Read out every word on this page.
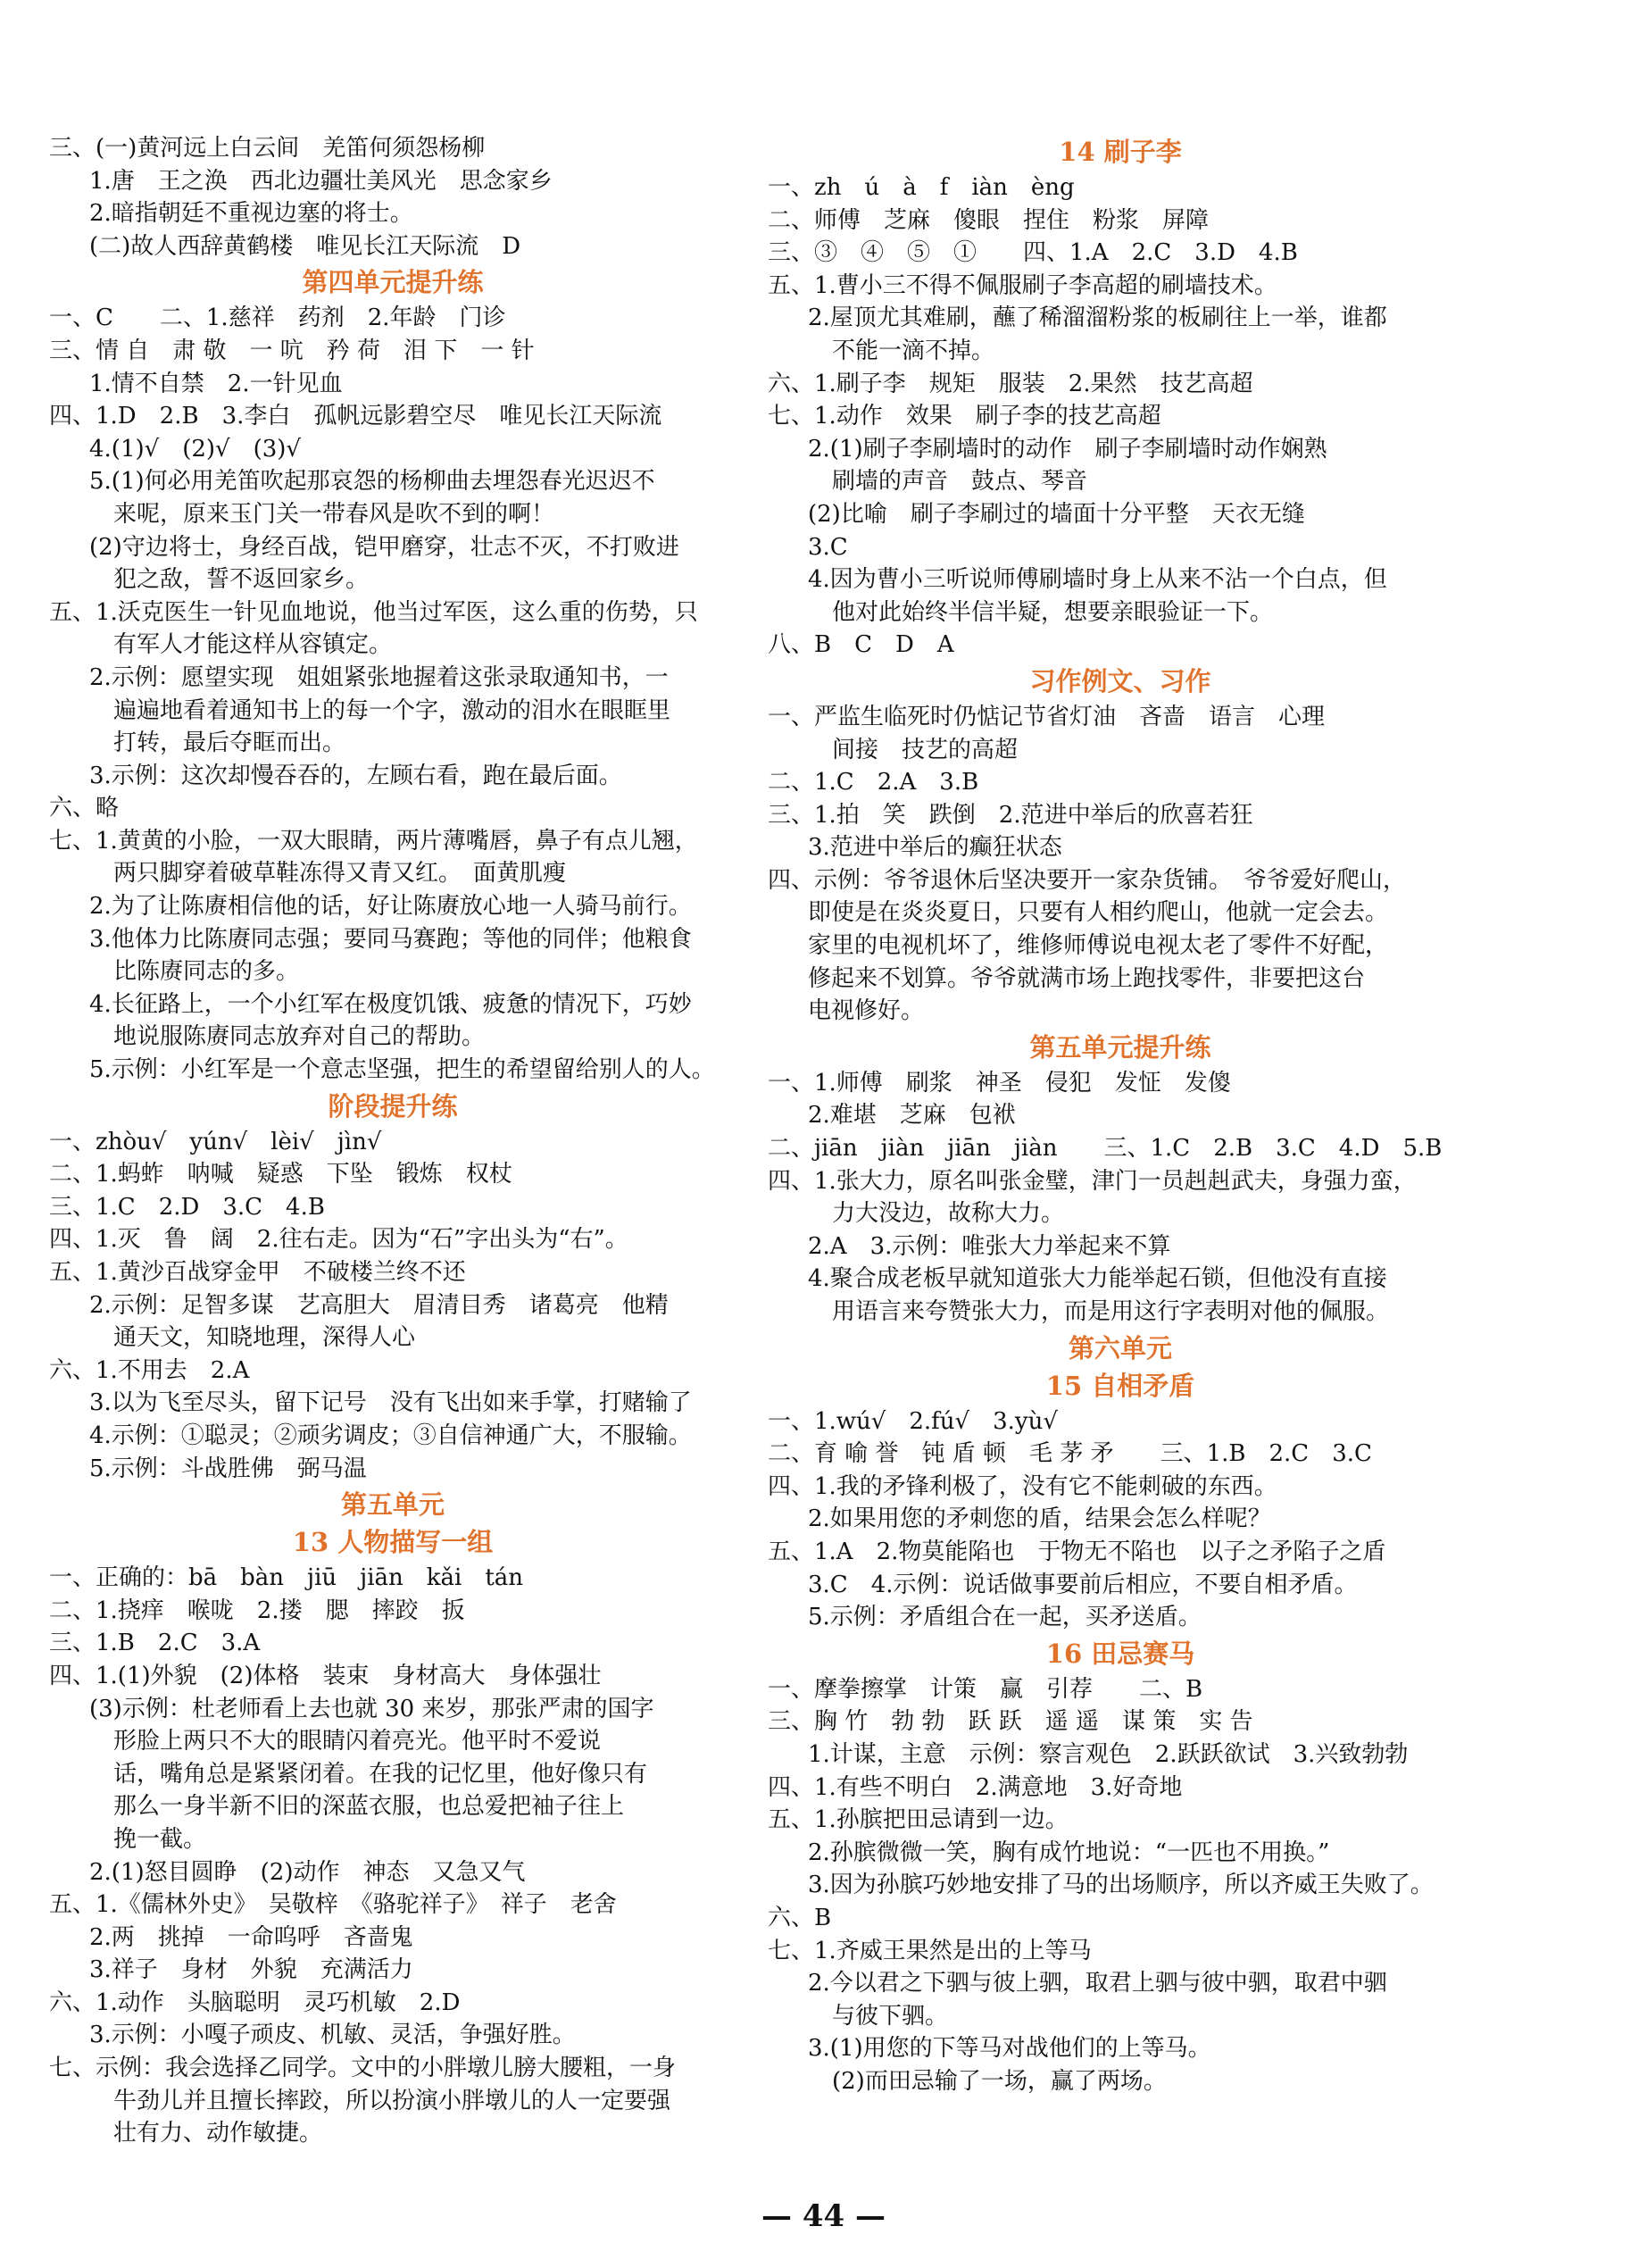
三、(一)黄河远上白云间　羌笛何须怨杨柳
1.唐　王之涣　西北边疆壮美风光　思念家乡
2.暗指朝廷不重视边塞的将士。
(二)故人西辞黄鹤楼　唯见长江天际流　D
第四单元提升练
一、C　　二、1.慈祥　药剂　2.年龄　门诊
三、情 自　肃 敬　一 吭　矜 荷　泪 下　一 针
1.情不自禁　2.一针见血
四、1.D　2.B　3.李白　孤帆远影碧空尽　唯见长江天际流
4.(1)√　(2)√　(3)√
5.(1)何必用羌笛吹起那哀怨的杨柳曲去埋怨春光迟迟不
来呢，原来玉门关一带春风是吹不到的啊！
(2)守边将士，身经百战，铠甲磨穿，壮志不灭，不打败进
犯之敌，誓不返回家乡。
五、1.沃克医生一针见血地说，他当过军医，这么重的伤势，只
有军人才能这样从容镇定。
2.示例：愿望实现　姐姐紧张地握着这张录取通知书，一
遍遍地看着通知书上的每一个字，激动的泪水在眼眶里
打转，最后夺眶而出。
3.示例：这次却慢吞吞的，左顾右看，跑在最后面。
六、略
七、1.黄黄的小脸，一双大眼睛，两片薄嘴唇，鼻子有点儿翘，
两只脚穿着破草鞋冻得又青又红。　面黄肌瘦
2.为了让陈赓相信他的话，好让陈赓放心地一人骑马前行。
3.他体力比陈赓同志强；要同马赛跑；等他的同伴；他粮食
比陈赓同志的多。
4.长征路上，一个小红军在极度饥饿、疲惫的情况下，巧妙
地说服陈赓同志放弃对自己的帮助。
5.示例：小红军是一个意志坚强，把生的希望留给别人的人。
阶段提升练
一、zhòu√　yún√　lèi√　jìn√
二、1.蚂蚱　呐喊　疑惑　下坠　锻炼　权杖
三、1.C　2.D　3.C　4.B
四、1.灭　鲁　阔　2.往右走。因为“石”字出头为“右”。
五、1.黄沙百战穿金甲　不破楼兰终不还
2.示例：足智多谋　艺高胆大　眉清目秀　诸葛亮　他精
通天文，知晓地理，深得人心
六、1.不用去　2.A
3.以为飞至尽头，留下记号　没有飞出如来手掌，打赌输了
4.示例：①聪灵；②顽劣调皮；③自信神通广大，不服输。
5.示例：斗战胜佛　弼马温
第五单元
13 人物描写一组
一、正确的：bā　bàn　jiū　jiān　kǎi　tán
二、1.挠痒　喉咙　2.搂　腮　摔跤　扳
三、1.B　2.C　3.A
四、1.(1)外貌　(2)体格　装束　身材高大　身体强壮
(3)示例：杜老师看上去也就 30 来岁，那张严肃的国字
形脸上两只不大的眼睛闪着亮光。他平时不爱说
话，嘴角总是紧紧闭着。在我的记忆里，他好像只有
那么一身半新不旧的深蓝衣服，也总爱把袖子往上
挽一截。
2.(1)怒目圆睁　(2)动作　神态　又急又气
五、1.《儒林外史》　吴敬梓　《骆驼祥子》　祥子　老舍
2.两　挑掉　一命呜呼　吝啬鬼
3.祥子　身材　外貌　充满活力
六、1.动作　头脑聪明　灵巧机敏　2.D
3.示例：小嘎子顽皮、机敏、灵活，争强好胜。
七、示例：我会选择乙同学。文中的小胖墩儿膀大腰粗，一身
牛劲儿并且擅长摔跤，所以扮演小胖墩儿的人一定要强
壮有力、动作敏捷。
14 刷子李
一、zh　ú　à　f　iàn　èng
二、师傅　芝麻　傻眼　捏住　粉浆　屏障
三、③　④　⑤　①　　四、1.A　2.C　3.D　4.B
五、1.曹小三不得不佩服刷子李高超的刷墙技术。
2.屋顶尤其难刷，蘸了稀溜溜粉浆的板刷往上一举，谁都
不能一滴不掉。
六、1.刷子李　规矩　服装　2.果然　技艺高超
七、1.动作　效果　刷子李的技艺高超
2.(1)刷子李刷墙时的动作　刷子李刷墙时动作娴熟
刷墙的声音　鼓点、琴音
(2)比喻　刷子李刷过的墙面十分平整　天衣无缝
3.C
4.因为曹小三听说师傅刷墙时身上从来不沾一个白点，但
他对此始终半信半疑，想要亲眼验证一下。
八、B　C　D　A
习作例文、习作
一、严监生临死时仍惦记节省灯油　吝啬　语言　心理
间接　技艺的高超
二、1.C　2.A　3.B
三、1.拍　笑　跌倒　2.范进中举后的欣喜若狂
3.范进中举后的癫狂状态
四、示例：爷爷退休后坚决要开一家杂货铺。　爷爷爱好爬山，
即使是在炎炎夏日，只要有人相约爬山，他就一定会去。
家里的电视机坏了，维修师傅说电视太老了零件不好配，
修起来不划算。爷爷就满市场上跑找零件，非要把这台
电视修好。
第五单元提升练
一、1.师傅　刷浆　神圣　侵犯　发怔　发傻
2.难堪　芝麻　包袱
二、jiān　jiàn　jiān　jiàn　　三、1.C　2.B　3.C　4.D　5.B
四、1.张大力，原名叫张金璧，津门一员赳赳武夫，身强力蛮，
力大没边，故称大力。
2.A　3.示例：唯张大力举起来不算
4.聚合成老板早就知道张大力能举起石锁，但他没有直接
用语言来夸赞张大力，而是用这行字表明对他的佩服。
第六单元
15 自相矛盾
一、1.wú√　2.fú√　3.yù√
二、育 喻 誉　钝 盾 顿　毛 茅 矛　　三、1.B　2.C　3.C
四、1.我的矛锋利极了，没有它不能刺破的东西。
2.如果用您的矛刺您的盾，结果会怎么样呢？
五、1.A　2.物莫能陷也　于物无不陷也　以子之矛陷子之盾
3.C　4.示例：说话做事要前后相应，不要自相矛盾。
5.示例：矛盾组合在一起，买矛送盾。
16 田忌赛马
一、摩拳擦掌　计策　赢　引荐　　二、B
三、胸 竹　勃 勃　跃 跃　遥 遥　谋 策　实 告
1.计谋，主意　示例：察言观色　2.跃跃欲试　3.兴致勃勃
四、1.有些不明白　2.满意地　3.好奇地
五、1.孙膑把田忌请到一边。
2.孙膑微微一笑，胸有成竹地说：“一匹也不用换。”
3.因为孙膑巧妙地安排了马的出场顺序，所以齐威王失败了。
六、B
七、1.齐威王果然是出的上等马
2.今以君之下驷与彼上驷，取君上驷与彼中驷，取君中驷
与彼下驷。
3.(1)用您的下等马对战他们的上等马。
(2)而田忌输了一场，赢了两场。
— 44 —
